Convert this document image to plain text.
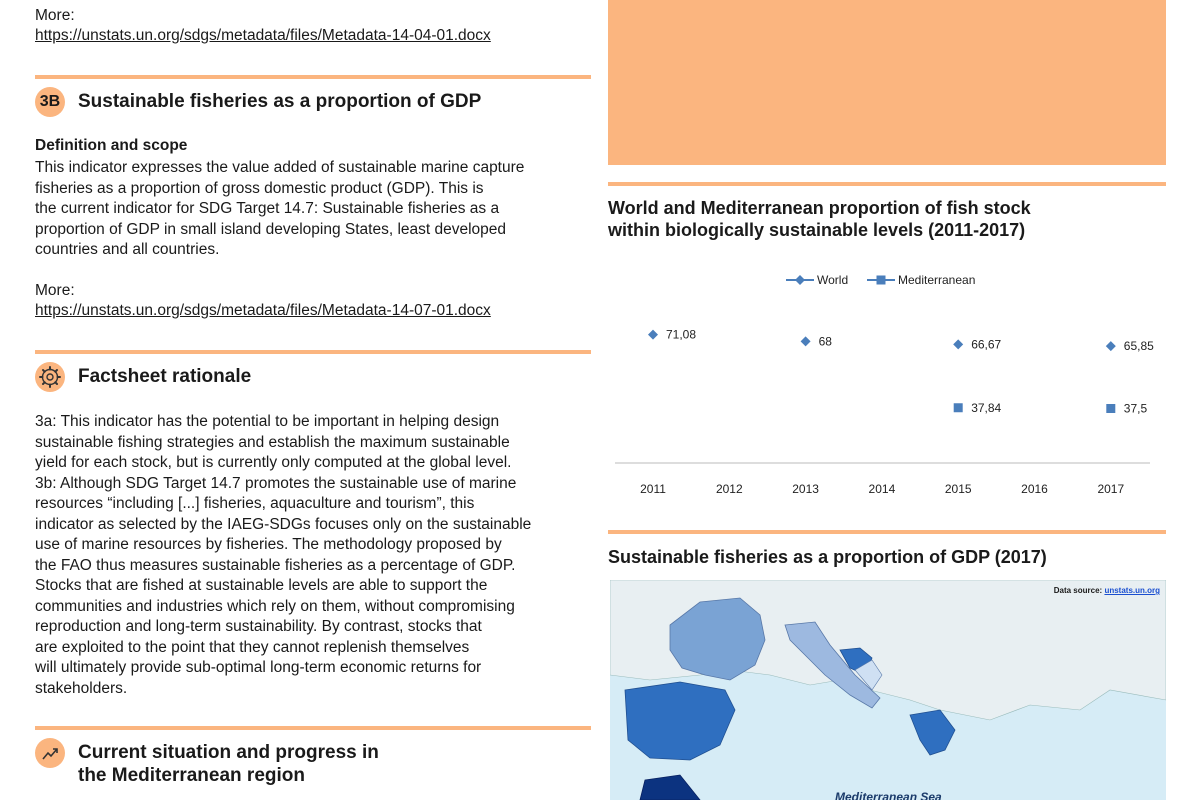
More:
https://unstats.un.org/sdgs/metadata/files/Metadata-14-04-01.docx
3B Sustainable fisheries as a proportion of GDP
Definition and scope
This indicator expresses the value added of sustainable marine capture
fisheries as a proportion of gross domestic product (GDP). This is
the current indicator for SDG Target 14.7: Sustainable fisheries as a
proportion of GDP in small island developing States, least developed
countries and all countries.
More:
https://unstats.un.org/sdgs/metadata/files/Metadata-14-07-01.docx
Factsheet rationale
3a: This indicator has the potential to be important in helping design
sustainable fishing strategies and establish the maximum sustainable
yield for each stock, but is currently only computed at the global level.
3b: Although SDG Target 14.7 promotes the sustainable use of marine
resources “including [...] fisheries, aquaculture and tourism”, this
indicator as selected by the IAEG-SDGs focuses only on the sustainable
use of marine resources by fisheries. The methodology proposed by
the FAO thus measures sustainable fisheries as a percentage of GDP.
Stocks that are fished at sustainable levels are able to support the
communities and industries which rely on them, without compromising
reproduction and long-term sustainability. By contrast, stocks that
are exploited to the point that they cannot replenish themselves
will ultimately provide sub-optimal long-term economic returns for
stakeholders.
Current situation and progress in
the Mediterranean region
World and Mediterranean proportion of fish stock
within biologically sustainable levels (2011-2017)
World	Mediterranean
2011	2012	2013	2014	2015	2016	2017
71,08	68	66,67	65,85
37,84	37,5
Sustainable fisheries as a proportion of GDP (2017)
Data source: unstats.un.org
Mediterranean Sea
